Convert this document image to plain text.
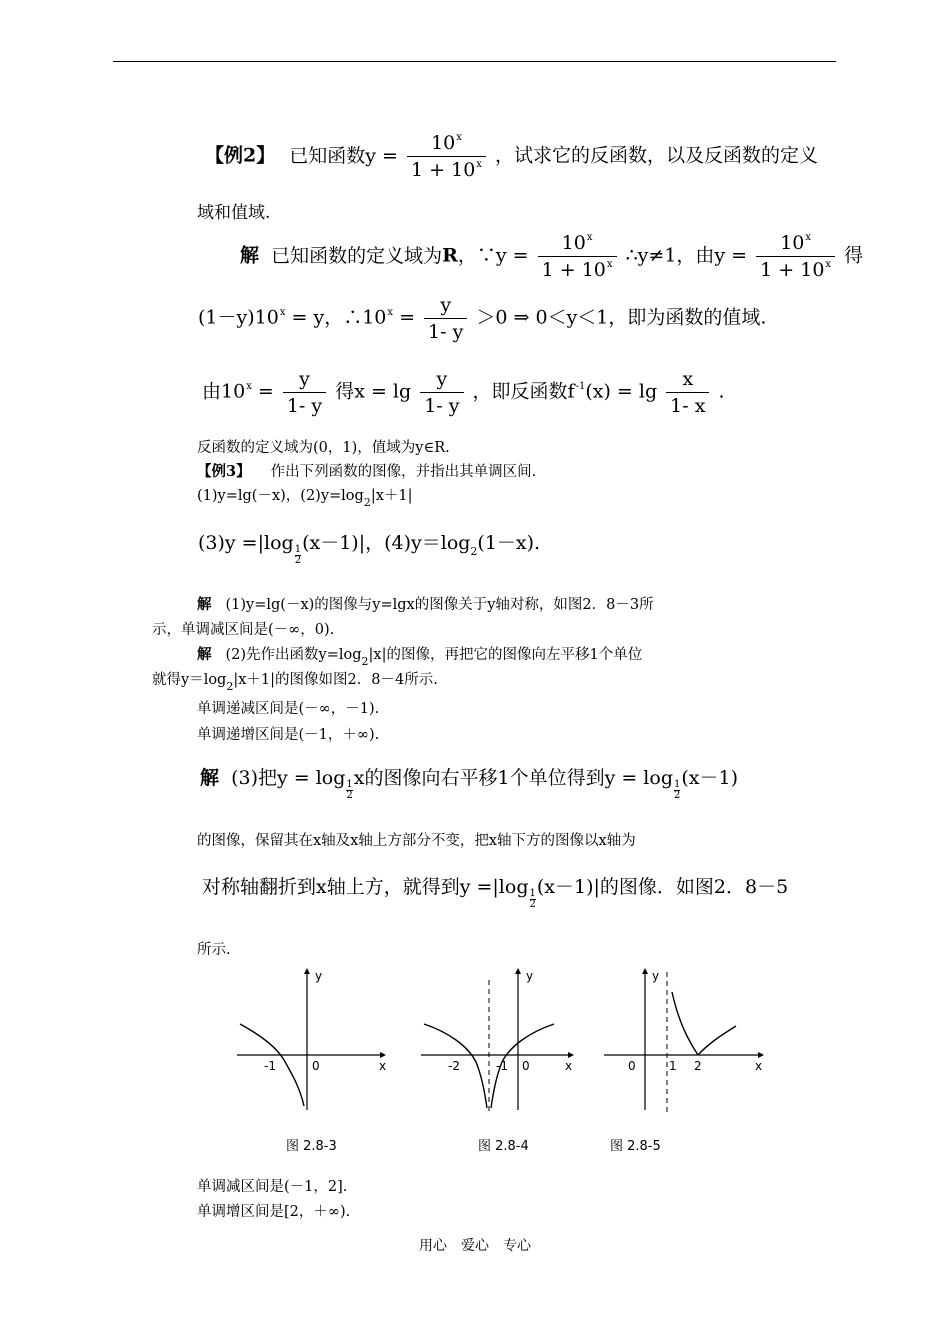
【例2】 已知函数$y = \frac{10^x}{1 + 10^x}$ ，试求它的反函数，以及反函数的定义
域和值域.
解 已知函数的定义域为R，∵y = $\frac{10^x}{1 + 10^x}$ ∴y≠1，由$y = \frac{10^x}{1 + 10^x}$ 得
$(1-y)10^x = y$，$\therefore 10^x = \frac{y}{1- y} >0$ ⇒ 0＜y＜1，即为函数的值域.
由$10^x = \frac{y}{1- y}$ 得$x = \lg \frac{y}{1- y}$ ，即反函数$f^{-1}(x) = \lg \frac{x}{1- x}$ .
反函数的定义域为(0，1)，值域为y∈R.
【例3】 作出下列函数的图像，并指出其单调区间.
(1)y=lg(－x)，$(2)y=\log_2|x+1|$
(3)y =|log
$\frac{1}{2}$
(x－1)|，$(4)y=\log_2(1-x)$.
解 (1)y=lg(－x)的图像与y=lgx的图像关于y轴对称，如图2．8－3所
示，单调减区间是(－∞，0).
解 (2)先作出函数$y=\log_2|x|$的图像，再把它的图像向左平移1个单位
就得$y=\log_2|x+1|$的图像如图2．8－4所示.
单调递减区间是(－∞，－1).
单调递增区间是(－1，＋∞).
解 (3)把y = log
$\frac{1}{2}$
x的图像向右平移1个单位得到y = log
$\frac{1}{2}$
(x－1)
的图像，保留其在x轴及x轴上方部分不变，把x轴下方的图像以x轴为
对称轴翻折到x轴上方，就得到y =|log
$\frac{1}{2}$
(x－1)|的图像．如图2．8－5
所示.
y
x
0
-1
图 2.8-3
y
x
0
-2	-1
图 2.8-4
y
x
0	1 2
图 2.8-5
单调减区间是(－1，2].
单调增区间是[2，＋∞).
用心　爱心　专心
